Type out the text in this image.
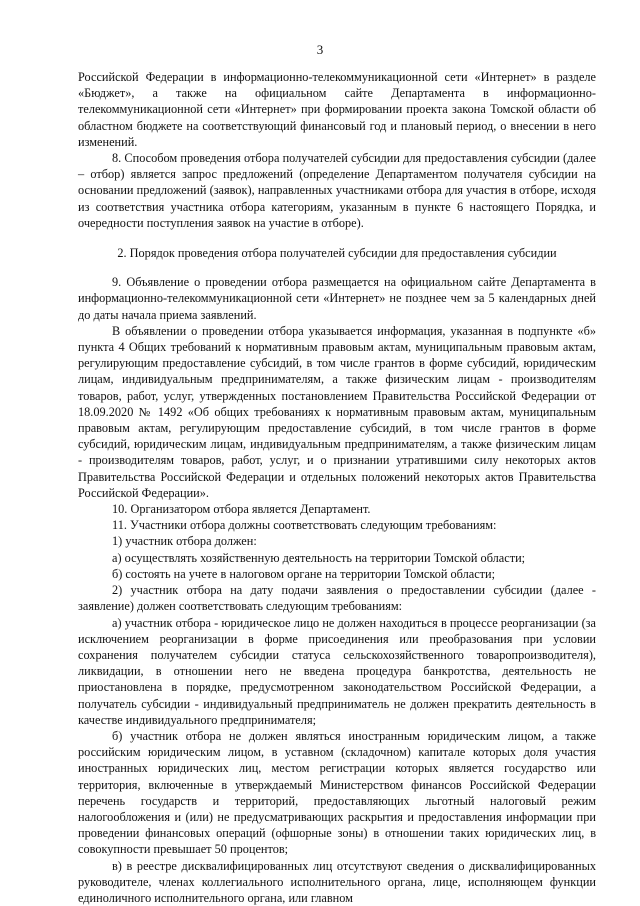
3

Российской Федерации в информационно-телекоммуникационной сети «Интернет» в разделе «Бюджет», а также на официальном сайте Департамента в информационно-телекоммуникационной сети «Интернет» при формировании проекта закона Томской области об областном бюджете на соответствующий финансовый год и плановый период, о внесении в него изменений.

8. Способом проведения отбора получателей субсидии для предоставления субсидии (далее – отбор) является запрос предложений (определение Департаментом получателя субсидии на основании предложений (заявок), направленных участниками отбора для участия в отборе, исходя из соответствия участника отбора категориям, указанным в пункте 6 настоящего Порядка, и очередности поступления заявок на участие в отборе).

2. Порядок проведения отбора получателей субсидии для предоставления субсидии

9. Объявление о проведении отбора размещается на официальном сайте Департамента в информационно-телекоммуникационной сети «Интернет» не позднее чем за 5 календарных дней до даты начала приема заявлений.

В объявлении о проведении отбора указывается информация, указанная в подпункте «б» пункта 4 Общих требований к нормативным правовым актам, муниципальным правовым актам, регулирующим предоставление субсидий, в том числе грантов в форме субсидий, юридическим лицам, индивидуальным предпринимателям, а также физическим лицам - производителям товаров, работ, услуг, утвержденных постановлением Правительства Российской Федерации от 18.09.2020 № 1492 «Об общих требованиях к нормативным правовым актам, муниципальным правовым актам, регулирующим предоставление субсидий, в том числе грантов в форме субсидий, юридическим лицам, индивидуальным предпринимателям, а также физическим лицам - производителям товаров, работ, услуг, и о признании утратившими силу некоторых актов Правительства Российской Федерации и отдельных положений некоторых актов Правительства Российской Федерации».

10. Организатором отбора является Департамент.

11. Участники отбора должны соответствовать следующим требованиям:

1) участник отбора должен:

а) осуществлять хозяйственную деятельность на территории Томской области;

б) состоять на учете в налоговом органе на территории Томской области;

2) участник отбора на дату подачи заявления о предоставлении субсидии (далее - заявление) должен соответствовать следующим требованиям:

а) участник отбора - юридическое лицо не должен находиться в процессе реорганизации (за исключением реорганизации в форме присоединения или преобразования при условии сохранения получателем субсидии статуса сельскохозяйственного товаропроизводителя), ликвидации, в отношении него не введена процедура банкротства, деятельность не приостановлена в порядке, предусмотренном законодательством Российской Федерации, а получатель субсидии - индивидуальный предприниматель не должен прекратить деятельность в качестве индивидуального предпринимателя;

б) участник отбора не должен являться иностранным юридическим лицом, а также российским юридическим лицом, в уставном (складочном) капитале которых доля участия иностранных юридических лиц, местом регистрации которых является государство или территория, включенные в утверждаемый Министерством финансов Российской Федерации перечень государств и территорий, предоставляющих льготный налоговый режим налогообложения и (или) не предусматривающих раскрытия и предоставления информации при проведении финансовых операций (офшорные зоны) в отношении таких юридических лиц, в совокупности превышает 50 процентов;

в) в реестре дисквалифицированных лиц отсутствуют сведения о дисквалифицированных руководителе, членах коллегиального исполнительного органа, лице, исполняющем функции единоличного исполнительного органа, или главном
